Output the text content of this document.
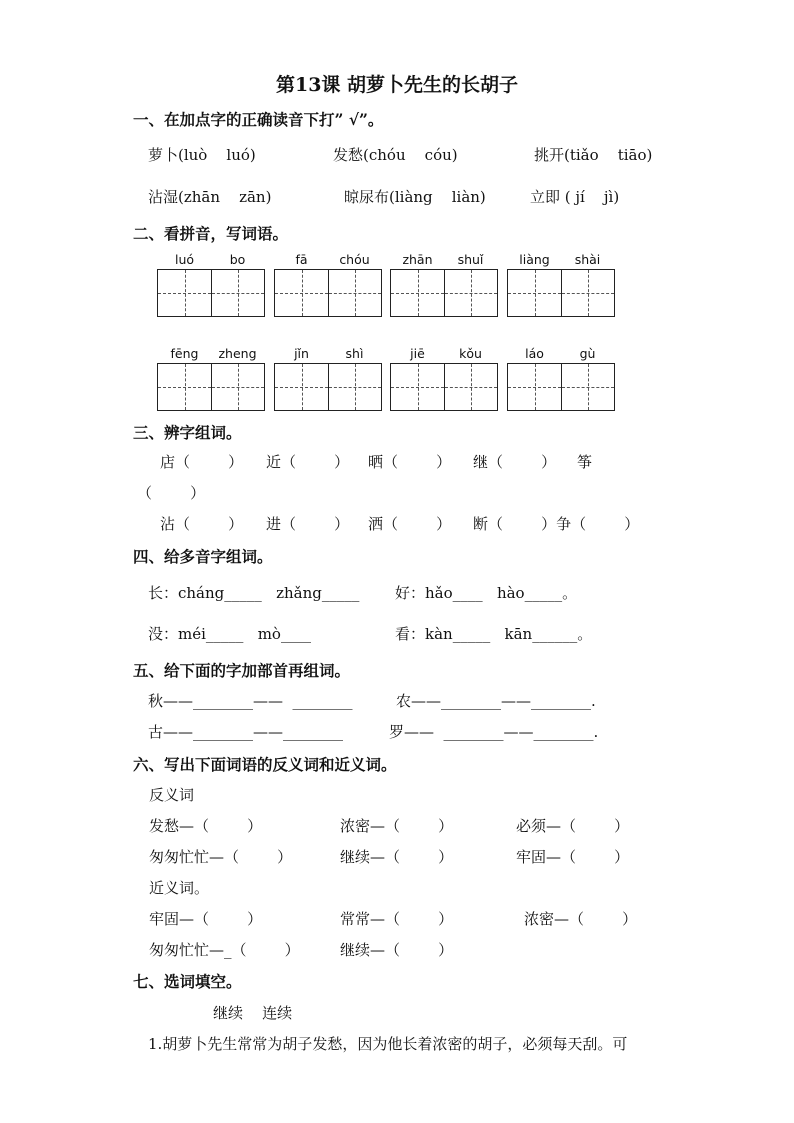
第13课 胡萝卜先生的长胡子
一、在加点字的正确读音下打” √”。
萝卜(luò    luó)	发愁(chóu    cóu)	挑开(tiǎo    tiāo)
沾湿(zhān    zān)	晾尿布(liàng    liàn)	立即 ( jí    jì)
二、看拼音，写词语。
luó	bo	fā	chóu	zhān	shuǐ	liàng	shài
fēng	zheng	jǐn	shì	jiē	kǒu	láo	gù
三、辨字组词。
店（        ） 近（        ） 晒（        ） 继（        ） 筝
（        ）
沾（        ） 进（        ） 洒（        ） 断（        ）争（        ）
四、给多音字组词。
长：cháng_____   zhǎng_____ 好：hǎo____   hào_____。
没：méi_____   mò____	看：kàn_____   kān______。
五、给下面的字加部首再组词。
秋——________——  ________	农——________——________.
古——________——________	罗——  ________——________.
六、写出下面词语的反义词和近义词。
反义词
发愁—（        ）	浓密—（        ）	必须—（        ）
匆匆忙忙—（        ）	继续—（        ）	牢固—（        ）
近义词。
牢固—（        ）	常常—（        ）	浓密—（        ）
匆匆忙忙—_（        ）	继续—（        ）
七、选词填空。
继续    连续
1.胡萝卜先生常常为胡子发愁，因为他长着浓密的胡子，必须每天刮。可
